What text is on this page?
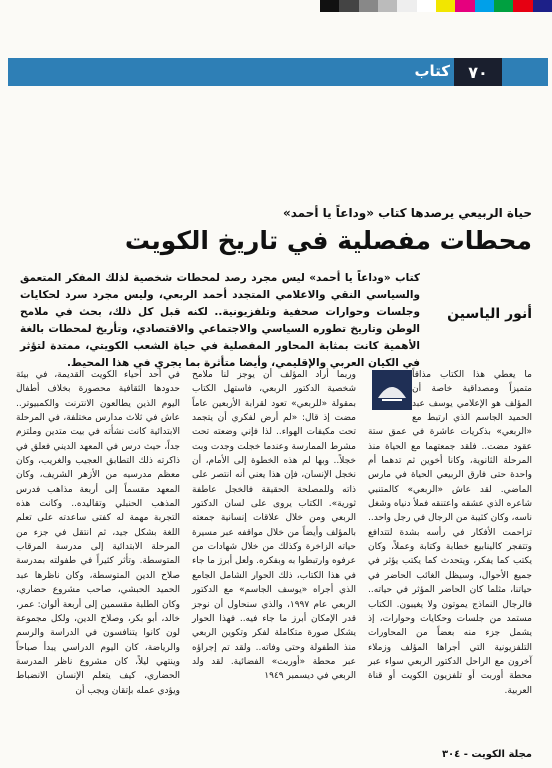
كتاب	٧٠
حياة الربيعي يرصدها كتاب «وداعاً يا أحمد»
محطات مفصلية في تاريخ الكويت
كتاب «وداعاً يا أحمد» ليس مجرد رصد لمحطات شخصية لذلك المفكر المتعمق والسياسي النقي والاعلامي المتجدد أحمد الربعي، وليس مجرد سرد لحكايات وجلسات وحوارات صحفية وتلفزيونية.. لكنه قبل كل ذلك، بحث في ملامح الوطن وتاريخ تطوره السياسي والاجتماعي والاقتصادي، وتأريخ لمحطات بالغة الأهمية كانت بمثابة المحاور المفصلية في حياة الشعب الكويتي، ممتدة لتؤثر في الكيان العربي والإقليمي، وأيضا متأثرة بما يجري في هذا المحيط.
أنور الياسين

ما يعطي هذا الكتاب مذاقاً متميزاً ومصداقية خاصة أن المؤلف هو الإعلامي يوسف عبد الحميد الجاسم الذي ارتبط مع «الربعي» بذكريات عاشرة في عمق ستة عقود مضت.. فلقد جمعتهما مع الحياة منذ المرحلة الثانوية، وكانا أخوين ثم تدهما أم واحدة حتى فارق الربيعي الحياة في مارس الماضي. لقد عاش «الربعي» كالمتنبي شاعره الذي عشقه واعتنقه فملأ دنياه وشغل ناسه، وكان كثيبة من الرجال في رجل واحد.. تزاحمت الأفكار في رأسه بشدة لتتدافع وتتفجر كالينابيع خطابة وكتابة وعملاً، وكان يكتب كما يفكر، ويتحدث كما يكتب يؤثر في جميع الأحوال، وسيظل الغائب الحاضر في حياتنا، مثلما كان الحاضر المؤثر في حياته.. فالرجال النماذج يموتون ولا يغيبون. الكتاب مستمد من جلسات وحكايات وحوارات، إذ يشمل جزء منه بعضاً من المحاورات التلفزيونية التي أجراها المؤلف وزملاء آخرون مع الراحل الدكتور الربعي سواء عبر محطة أوربت أو تلفزيون الكويت أو قناة العربية.

وربما أراد المؤلف أن يوجز لنا ملامح شخصية الدكتور الربعي، فاستهل الكتاب بمقولة «للربعي» تعود لقرابة الأربعين عاماً مضت إذ قال: «لم أرض لفكري أن يتجمد تحت مكيفات الهواء.. لذا فإني وضعته تحت مشرط الممارسة وعندما خجلت وجدت وبت خجلاً.. وبها لم هذه الخطوة إلى الأمام، أن نخجل الإنسان، فإن هذا يعني أنه انتصر على ذاته وللمصلحة الحقيقة فالخجل عاطفة ثورية». الكتاب يروى على لسان الدكتور الربعي ومن خلال علاقات إنسانية جمعته بالمؤلف وأيضاً من خلال مواقفه عبر مسيرة حياته الزاخرة وكذلك من خلال شهادات من عرفوه وارتبطوا به وبفكره. ولعل أبرز ما جاء في هذا الكتاب، ذلك الحوار الشامل الجامع الذي أجراه «يوسف الجاسم» مع الدكتور الربعي عام ١٩٩٧، والذي سنحاول أن نوجز قدر الإمكان أبرز ما جاء فيه.. فهذا الحوار يشكل صورة متكاملة لفكر وتكوين الربعي منذ الطفولة وحتى وفاته.. ولقد تم إجراؤه عبر محطة «أوربت» الفضائية. لقد ولد الربعي في ديسمبر ١٩٤٩

في أحد أحياء الكويت القديمة، في بيئة حدودها الثقافية محصورة بخلاف أطفال اليوم الذين يطالعون الانترنت والكمبيوتر.. عاش في ثلاث مدارس مختلفة، في المرحلة الابتدائية كانت نشأته في بيت متدين وملتزم جداً، حيث درس في المعهد الديني فعلق في ذاكرته ذلك التطابق العجيب والغريب، وكان معظم مدرسيه من الأزهر الشريف، وكان المعهد مقسماً إلى أربعة مذاهب فدرس المذهب الحنبلي وتقاليده.. وكانت هذه التجربة مهمة له كفتى ساعدته على تعلم اللغة بشكل جيد، ثم انتقل في جزء من المرحلة الابتدائية إلى مدرسة المرقاب المتوسطة. وتأثر كثيراً في طفولته بمدرسة صلاح الدين المتوسطة، وكان ناظرها عبد الحميد الحبشي، صاحب مشروع حضاري، وكان الطلبة مقسمين إلى أربعة ألوان: عمر، خالد، أبو بكر، وصلاح الدين، ولكل مجموعة لون كانوا يتنافسون في الدراسة والرسم والرياضة، كان اليوم الدراسي يبدأ صباحاً وينتهي ليلاً، كان مشروع ناظر المدرسة الحضاري، كيف يتعلم الإنسان الانضباط ويؤدي عمله بإتقان ويجب أن

مجلة الكويت - ٣٠٤
